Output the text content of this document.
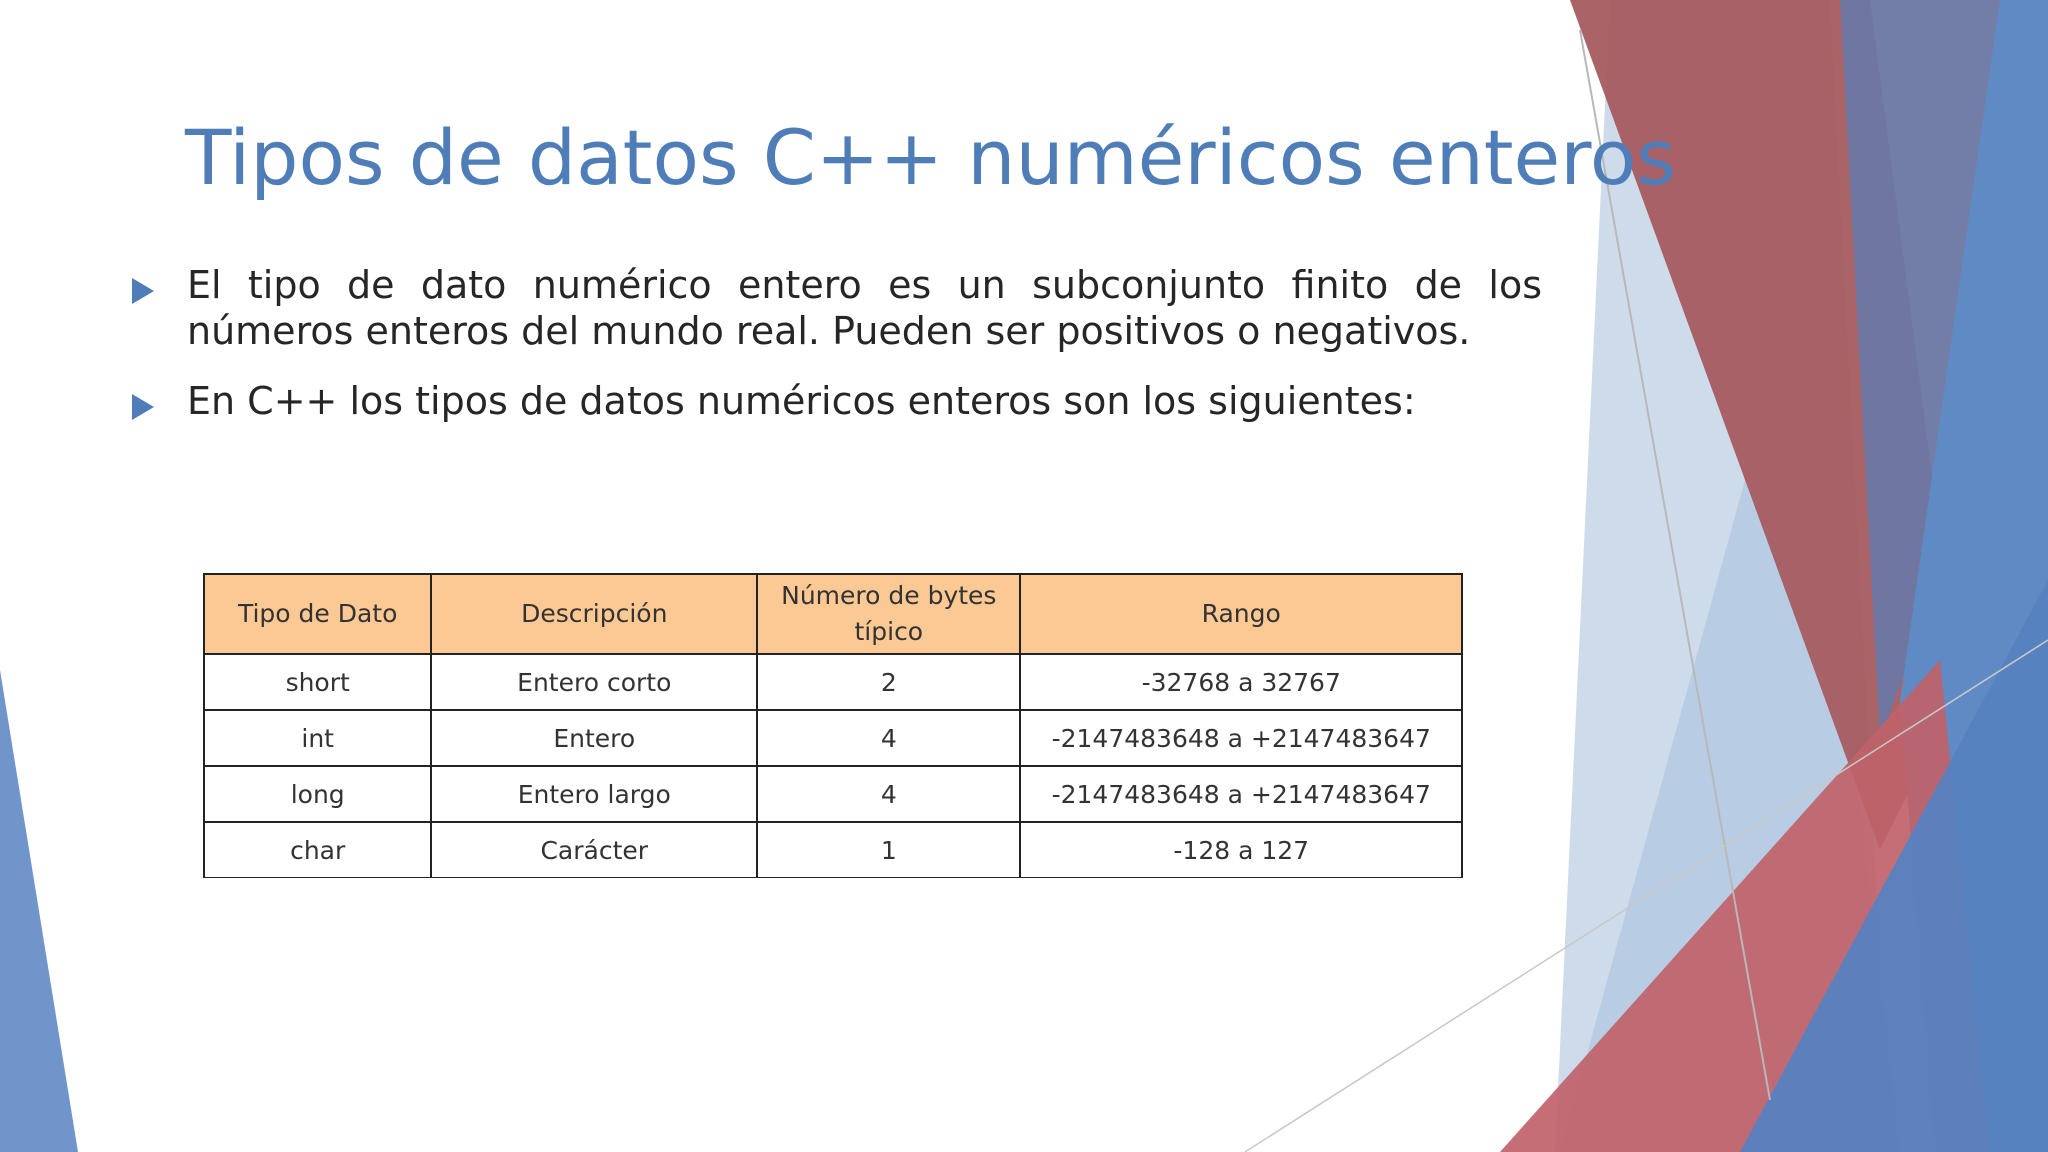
Tipos de datos C++ numéricos enteros
El tipo de dato numérico entero es un subconjunto finito de los números enteros del mundo real. Pueden ser positivos o negativos.
En C++ los tipos de datos numéricos enteros son los siguientes:
Tipo de Dato	Descripción	Número de bytes típico	Rango
short	Entero corto	2	-32768 a 32767
int	Entero	4	-2147483648 a +2147483647
long	Entero largo	4	-2147483648 a +2147483647
char	Carácter	1	-128 a 127
